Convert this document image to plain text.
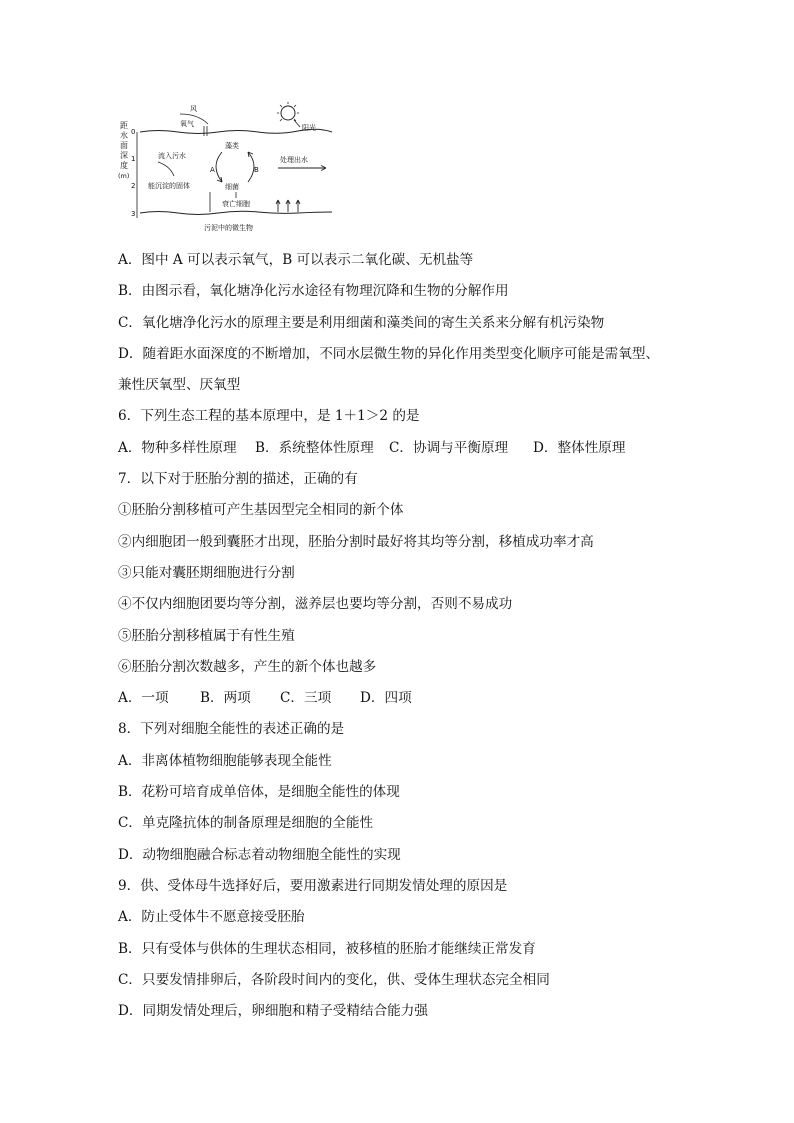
距
水
面
深
度
(m)
0
1
2
3
阳光
风
氧气
藻类
细菌
A	B
流入污水	处理出水
能沉淀的固体
衰亡细胞
污泥中的微生物
A．图中 A 可以表示氧气，B 可以表示二氧化碳、无机盐等
B．由图示看，氧化塘净化污水途径有物理沉降和生物的分解作用
C．氧化塘净化污水的原理主要是利用细菌和藻类间的寄生关系来分解有机污染物
D．随着距水面深度的不断增加，不同水层微生物的异化作用类型变化顺序可能是需氧型、
兼性厌氧型、厌氧型
6．下列生态工程的基本原理中，是 1＋1＞2 的是
A．物种多样性原理 B．系统整体性原理 C．协调与平衡原理 D．整体性原理
7．以下对于胚胎分割的描述，正确的有
①胚胎分割移植可产生基因型完全相同的新个体
②内细胞团一般到囊胚才出现，胚胎分割时最好将其均等分割，移植成功率才高
③只能对囊胚期细胞进行分割
④不仅内细胞团要均等分割，滋养层也要均等分割，否则不易成功
⑤胚胎分割移植属于有性生殖
⑥胚胎分割次数越多，产生的新个体也越多
A．一项 B．两项 C．三项 D．四项
8．下列对细胞全能性的表述正确的是
A．非离体植物细胞能够表现全能性
B．花粉可培育成单倍体，是细胞全能性的体现
C．单克隆抗体的制备原理是细胞的全能性
D．动物细胞融合标志着动物细胞全能性的实现
9．供、受体母牛选择好后，要用激素进行同期发情处理的原因是
A．防止受体牛不愿意接受胚胎
B．只有受体与供体的生理状态相同，被移植的胚胎才能继续正常发育
C．只要发情排卵后，各阶段时间内的变化，供、受体生理状态完全相同
D．同期发情处理后，卵细胞和精子受精结合能力强
